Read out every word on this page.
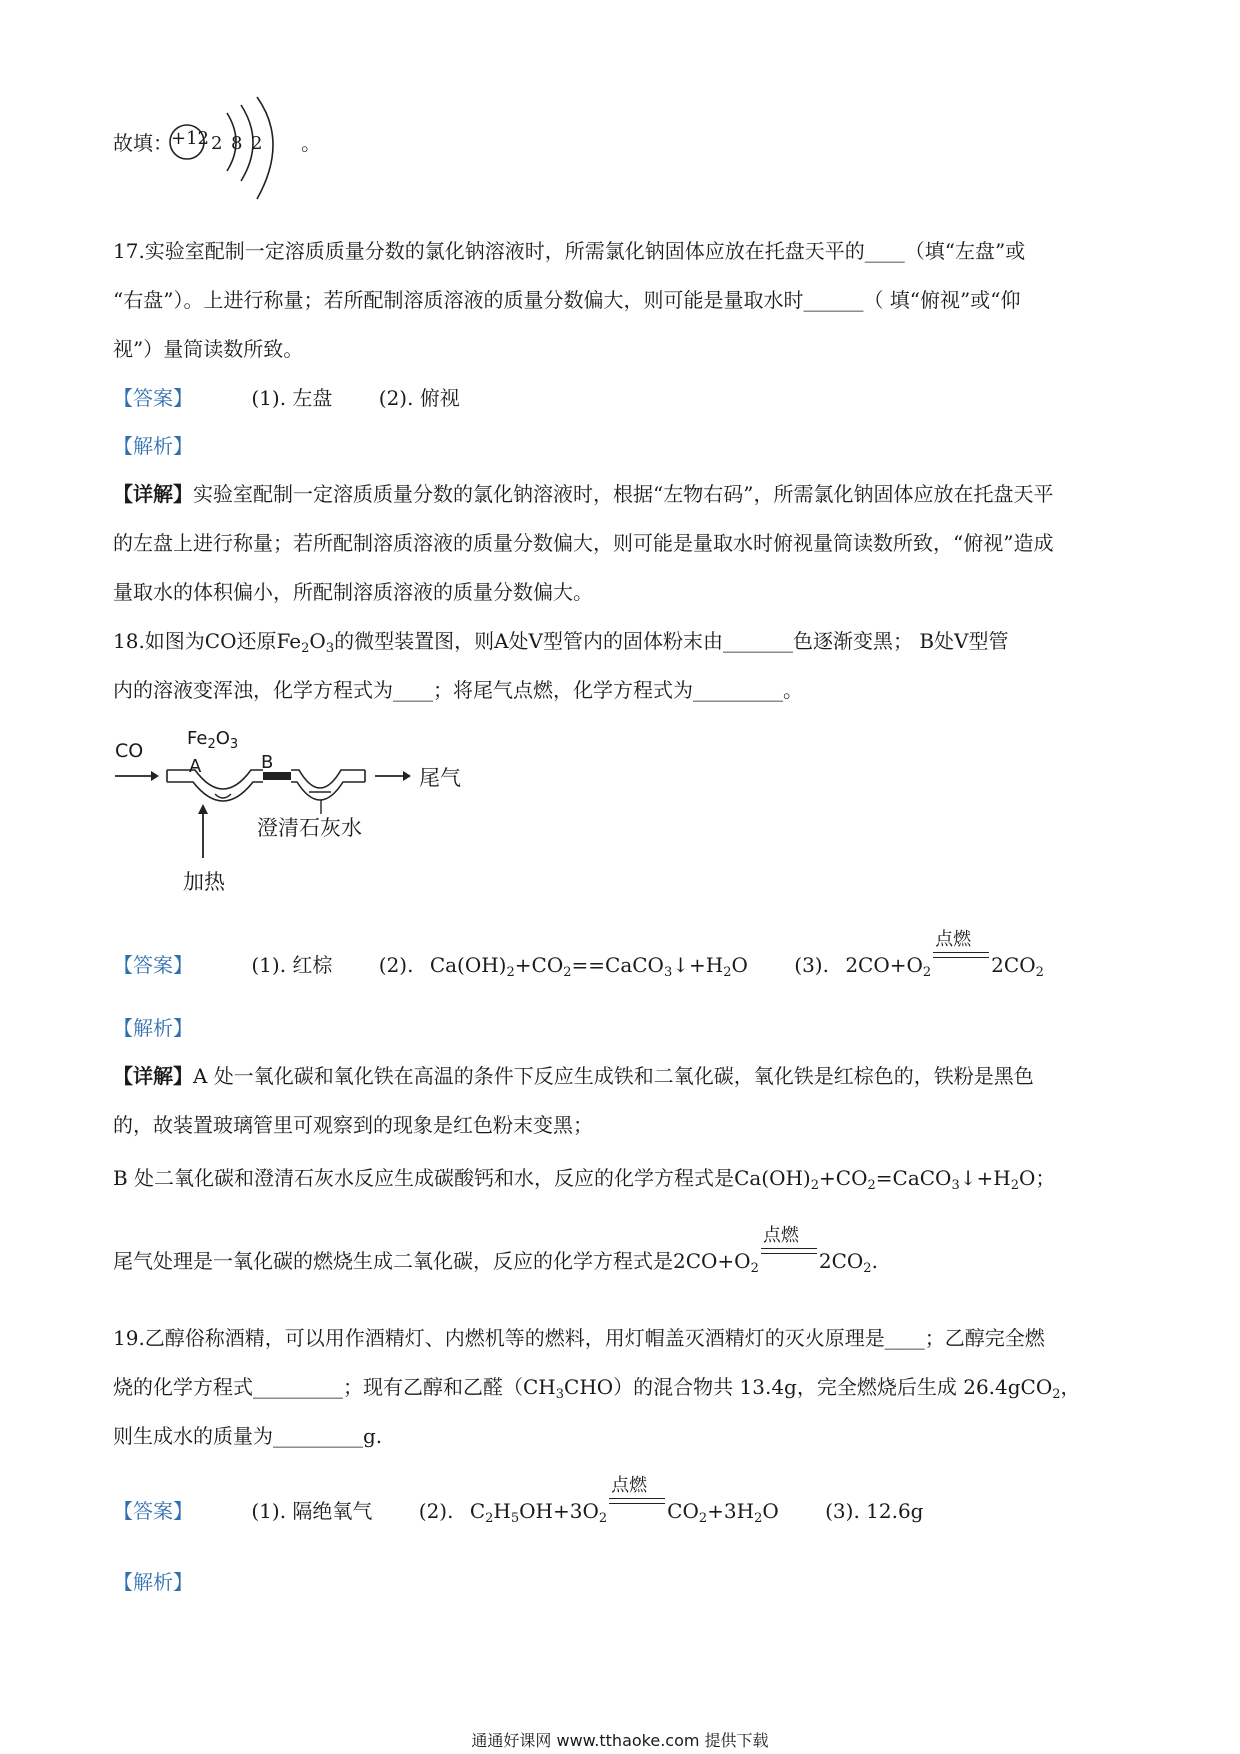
故填：
+12 2 8 2 。

17.实验室配制一定溶质质量分数的氯化钠溶液时，所需氯化钠固体应放在托盘天平的____（填“左盘”或

“右盘”）。上进行称量；若所配制溶质溶液的质量分数偏大，则可能是量取水时______（ 填“俯视”或“仰

视”）量筒读数所致。

【答案】	(1). 左盘 (2). 俯视

【解析】

【详解】实验室配制一定溶质质量分数的氯化钠溶液时，根据“左物右码”，所需氯化钠固体应放在托盘天平

的左盘上进行称量；若所配制溶质溶液的质量分数偏大，则可能是量取水时俯视量筒读数所致，“俯视”造成

量取水的体积偏小，所配制溶质溶液的质量分数偏大。

18.如图为CO还原$Fe_2O_3$的微型装置图，则A处V型管内的固体粉末由_______色逐渐变黑； B处V型管

内的溶液变浑浊，化学方程式为____；将尾气点燃，化学方程式为_________。

CO
$Fe_2O_3$
A	B
尾气
澄清石灰水
加热

【答案】	(1). 红棕 (2). $Ca(OH)_2+CO_2==CaCO_3↓+H_2O$ (3). $2CO+O_2$
点燃
$2CO_2$

【解析】

【详解】A 处一氧化碳和氧化铁在高温的条件下反应生成铁和二氧化碳，氧化铁是红棕色的，铁粉是黑色

的，故装置玻璃管里可观察到的现象是红色粉末变黑；

B 处二氧化碳和澄清石灰水反应生成碳酸钙和水，反应的化学方程式是$Ca(OH)_2+CO_2=CaCO_3↓+H_2O$；

尾气处理是一氧化碳的燃烧生成二氧化碳，反应的化学方程式是$2CO+O_2$
点燃
$2CO_2$.

19.乙醇俗称酒精，可以用作酒精灯、内燃机等的燃料，用灯帽盖灭酒精灯的灭火原理是____；乙醇完全燃

烧的化学方程式_________；现有乙醇和乙醛$(CH_3CHO)$的混合物共 13.4g，完全燃烧后生成 26.4gCO$_2$，

则生成水的质量为_________g.

【答案】	(1). 隔绝氧气 (2). $C_2H_5OH+3O_2$
点燃
$CO_2+3H_2O$ (3). 12.6g

【解析】

通通好课网 www.tthaoke.com 提供下载
